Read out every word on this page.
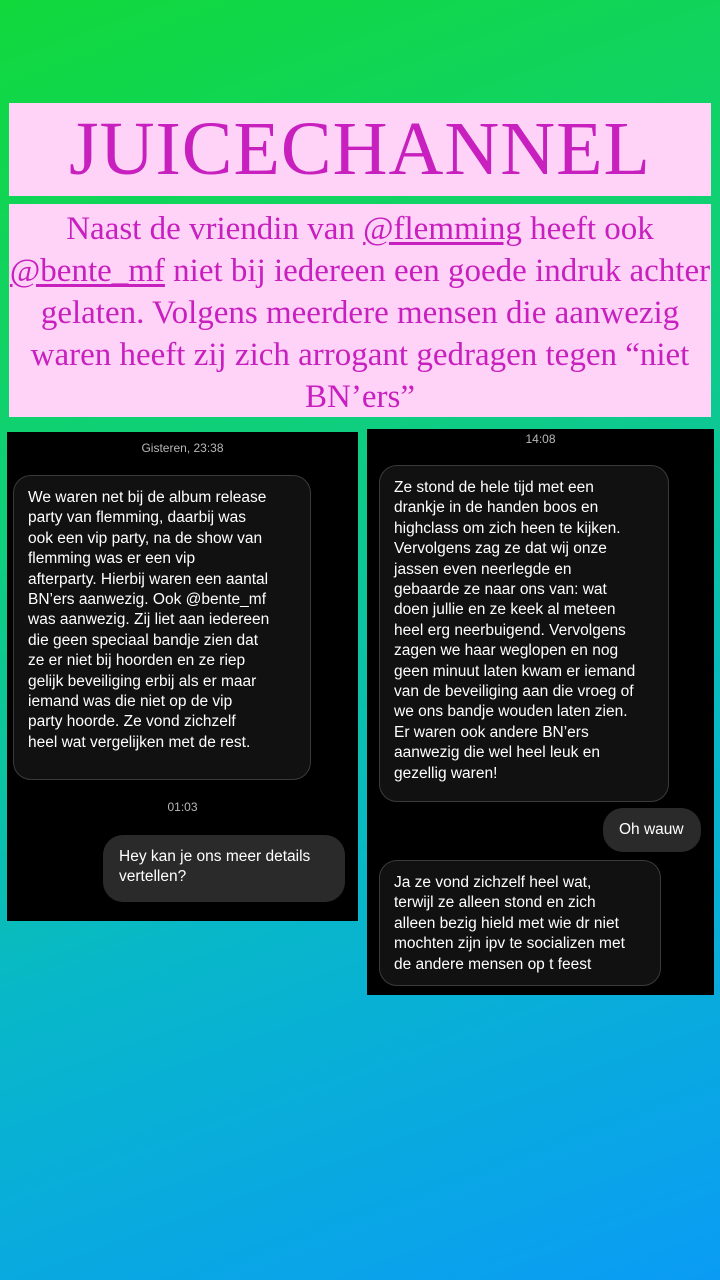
JUICECHANNEL
Naast de vriendin van @flemming heeft ook @bente_mf niet bij iedereen een goede indruk achter gelaten. Volgens meerdere mensen die aanwezig waren heeft zij zich arrogant gedragen tegen “niet BN’ers”
Gisteren, 23:38
We waren net bij de album release
party van flemming, daarbij was
ook een vip party, na de show van
flemming was er een vip
afterparty. Hierbij waren een aantal
BN’ers aanwezig. Ook @bente_mf
was aanwezig. Zij liet aan iedereen
die geen speciaal bandje zien dat
ze er niet bij hoorden en ze riep
gelijk beveiliging erbij als er maar
iemand was die niet op de vip
party hoorde. Ze vond zichzelf
heel wat vergelijken met de rest.
01:03
Hey kan je ons meer details
vertellen?
14:08
Ze stond de hele tijd met een
drankje in de handen boos en
highclass om zich heen te kijken.
Vervolgens zag ze dat wij onze
jassen even neerlegde en
gebaarde ze naar ons van: wat
doen jullie en ze keek al meteen
heel erg neerbuigend. Vervolgens
zagen we haar weglopen en nog
geen minuut laten kwam er iemand
van de beveiliging aan die vroeg of
we ons bandje wouden laten zien.
Er waren ook andere BN’ers
aanwezig die wel heel leuk en
gezellig waren!
Oh wauw
Ja ze vond zichzelf heel wat,
terwijl ze alleen stond en zich
alleen bezig hield met wie dr niet
mochten zijn ipv te socializen met
de andere mensen op t feest
